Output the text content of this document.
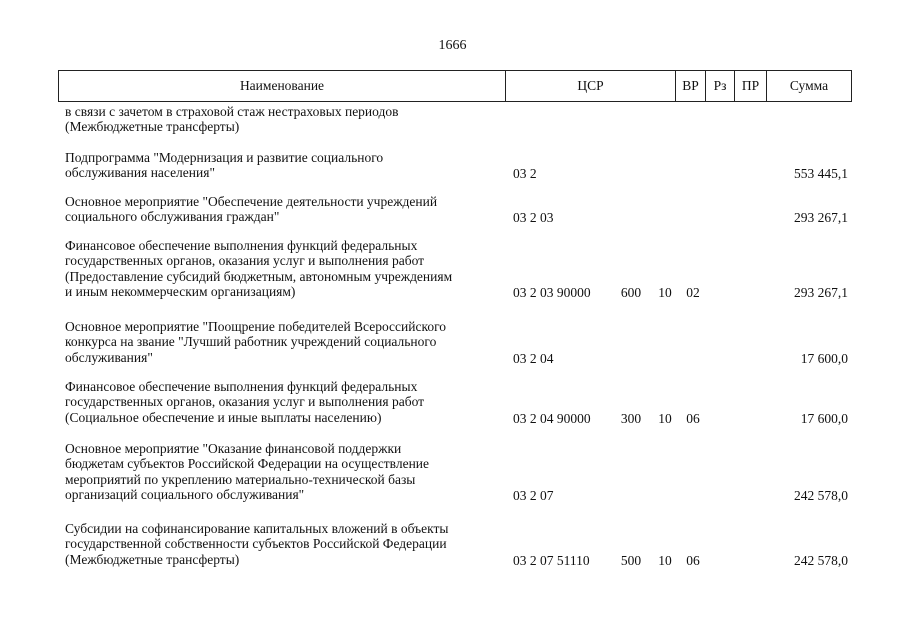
1666
Наименование	ЦСР	ВР	Рз	ПР	Сумма
в связи с зачетом в страховой стаж нестраховых периодов
(Межбюджетные трансферты)
Подпрограмма "Модернизация и развитие социального
обслуживания населения"	03 2	553 445,1
Основное мероприятие "Обеспечение деятельности учреждений
социального обслуживания граждан"	03 2 03	293 267,1
Финансовое обеспечение выполнения функций федеральных
государственных органов, оказания услуг и выполнения работ
(Предоставление субсидий бюджетным, автономным учреждениям
и иным некоммерческим организациям)	03 2 03 90000	600	10	02	293 267,1
Основное мероприятие "Поощрение победителей Всероссийского
конкурса на звание "Лучший работник учреждений социального
обслуживания"	03 2 04	17 600,0
Финансовое обеспечение выполнения функций федеральных
государственных органов, оказания услуг и выполнения работ
(Социальное обеспечение и иные выплаты населению)	03 2 04 90000	300	10	06	17 600,0
Основное мероприятие "Оказание финансовой поддержки
бюджетам субъектов Российской Федерации на осуществление
мероприятий по укреплению материально-технической базы
организаций социального обслуживания"	03 2 07	242 578,0
Субсидии на софинансирование капитальных вложений в объекты
государственной собственности субъектов Российской Федерации
(Межбюджетные трансферты)	03 2 07 51110	500	10	06	242 578,0
